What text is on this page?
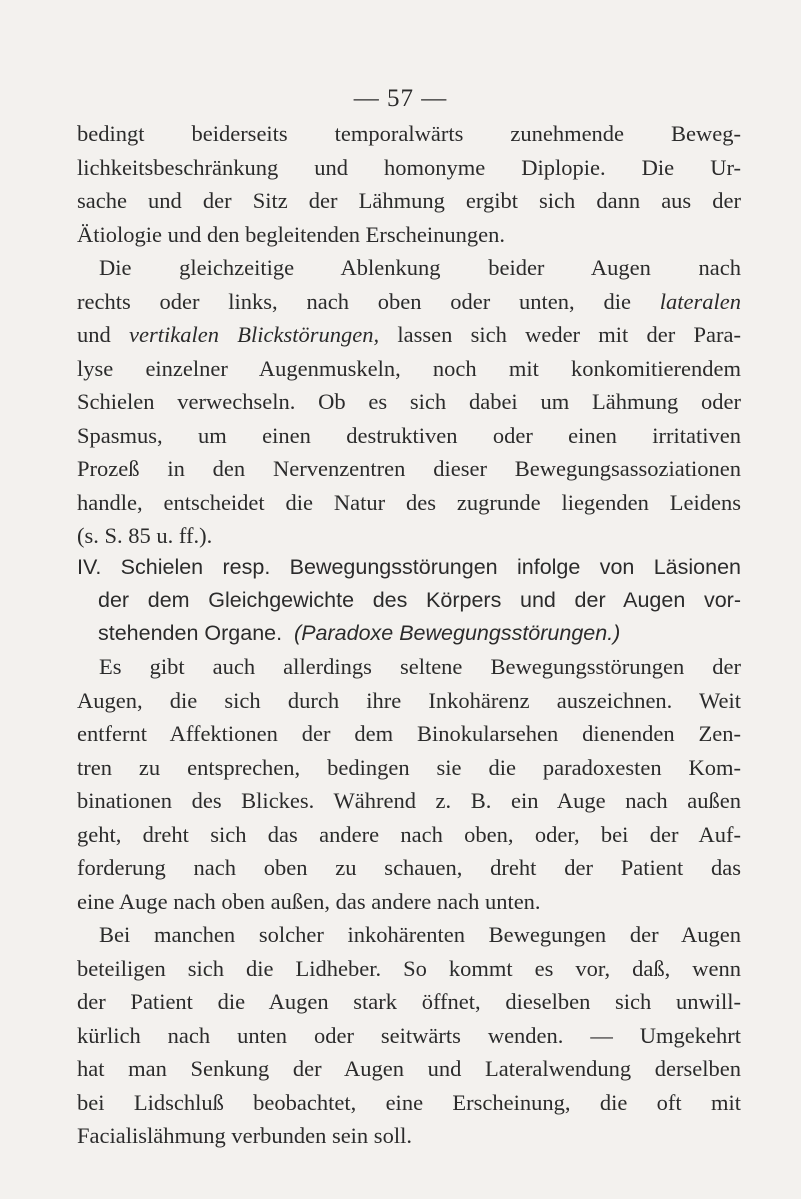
— 57 —
bedingt beiderseits temporalwärts zunehmende Beweg-
lichkeitsbeschränkung und homonyme Diplopie. Die Ur-
sache und der Sitz der Lähmung ergibt sich dann aus der
Ätiologie und den begleitenden Erscheinungen.
Die gleichzeitige Ablenkung beider Augen nach
rechts oder links, nach oben oder unten, die lateralen
und vertikalen Blickstörungen, lassen sich weder mit der Para-
lyse einzelner Augenmuskeln, noch mit konkomitierendem
Schielen verwechseln. Ob es sich dabei um Lähmung oder
Spasmus, um einen destruktiven oder einen irritativen
Prozeß in den Nervenzentren dieser Bewegungsassoziationen
handle, entscheidet die Natur des zugrunde liegenden Leidens
(s. S. 85 u. ff.).
IV. Schielen resp. Bewegungsstörungen infolge von Läsionen
der dem Gleichgewichte des Körpers und der Augen vor-
stehenden Organe. (Paradoxe Bewegungsstörungen.)
Es gibt auch allerdings seltene Bewegungsstörungen der
Augen, die sich durch ihre Inkohärenz auszeichnen. Weit
entfernt Affektionen der dem Binokularsehen dienenden Zen-
tren zu entsprechen, bedingen sie die paradoxesten Kom-
binationen des Blickes. Während z. B. ein Auge nach außen
geht, dreht sich das andere nach oben, oder, bei der Auf-
forderung nach oben zu schauen, dreht der Patient das
eine Auge nach oben außen, das andere nach unten.
Bei manchen solcher inkohärenten Bewegungen der Augen
beteiligen sich die Lidheber. So kommt es vor, daß, wenn
der Patient die Augen stark öffnet, dieselben sich unwill-
kürlich nach unten oder seitwärts wenden. — Umgekehrt
hat man Senkung der Augen und Lateralwendung derselben
bei Lidschluß beobachtet, eine Erscheinung, die oft mit
Facialislähmung verbunden sein soll.
